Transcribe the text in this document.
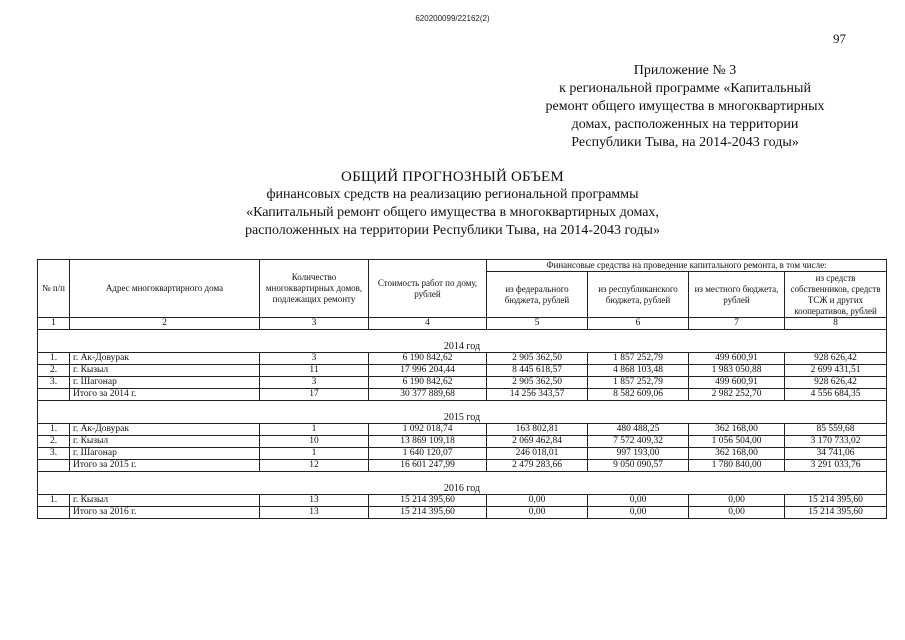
620200099/22162(2)
97
Приложение № 3
к региональной программе «Капитальный
ремонт общего имущества в многоквартирных
домах, расположенных на территории
Республики Тыва, на 2014-2043 годы»
ОБЩИЙ ПРОГНОЗНЫЙ ОБЪЕМ
финансовых средств на реализацию региональной программы
«Капитальный ремонт общего имущества в многоквартирных домах,
расположенных на территории Республики Тыва, на 2014-2043 годы»
№ п/п	Адрес многоквартирного дома	Количество многоквартирных домов, подлежащих ремонту	Стоимость работ по дому, рублей	Финансовые средства на проведение капитального ремонта, в том числе:			
				из федерального бюджета, рублей	из республиканского бюджета, рублей	из местного бюджета, рублей	из средств собственников, средств ТСЖ и других кооперативов, рублей
1	2	3	4	5	6	7	8
2014 год							
1.	г. Ак-Довурак	3	6 190 842,62	2 905 362,50	1 857 252,79	499 600,91	928 626,42
2.	г. Кызыл	11	17 996 204,44	8 445 618,57	4 868 103,48	1 983 050,88	2 699 431,51
3.	г. Шагонар	3	6 190 842,62	2 905 362,50	1 857 252,79	499 600,91	928 626,42
	Итого за 2014 г.	17	30 377 889,68	14 256 343,57	8 582 609,06	2 982 252,70	4 556 684,35
2015 год							
1.	г. Ак-Довурак	1	1 092 018,74	163 802,81	480 488,25	362 168,00	85 559,68
2.	г. Кызыл	10	13 869 109,18	2 069 462,84	7 572 409,32	1 056 504,00	3 170 733,02
3.	г. Шагонар	1	1 640 120,07	246 018,01	997 193,00	362 168,00	34 741,06
	Итого за 2015 г.	12	16 601 247,99	2 479 283,66	9 050 090,57	1 780 840,00	3 291 033,76
2016 год							
1.	г. Кызыл	13	15 214 395,60	0,00	0,00	0,00	15 214 395,60
	Итого за 2016 г.	13	15 214 395,60	0,00	0,00	0,00	15 214 395,60
